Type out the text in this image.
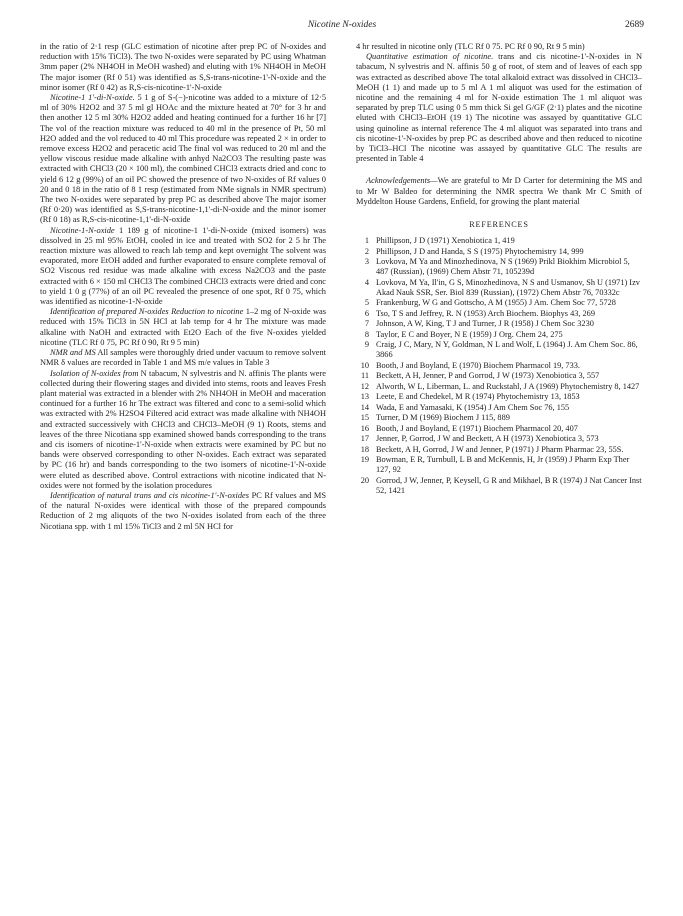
Nicotine N-oxides	2689

in the ratio of 2·1 resp (GLC estimation of nicotine after prep PC of N-oxides and reduction with 15% TiCl3). The two N-oxides were separated by PC using Whatman 3mm paper (2% NH4OH in MeOH washed) and eluting with 1% NH4OH in MeOH The major isomer (Rf 0 51) was identified as S,S-trans-nicotine-1'-N-oxide and the minor isomer (Rf 0 42) as R,S-cis-nicotine-1'-N-oxide

Nicotine-1 1'-di-N-oxide. 5 1 g of S-(−)-nicotine was added to a mixture of 12·5 ml of 30% H2O2 and 37 5 ml gl HOAc and the mixture heated at 70° for 3 hr and then another 12 5 ml 30% H2O2 added and heating continued for a further 16 hr [7] The vol of the reaction mixture was reduced to 40 ml in the presence of Pt, 50 ml H2O added and the vol reduced to 40 ml This procedure was repeated 2 × in order to remove excess H2O2 and peracetic acid The final vol was reduced to 20 ml and the yellow viscous residue made alkaline with anhyd Na2CO3 The resulting paste was extracted with CHCl3 (20 × 100 ml), the combined CHCl3 extracts dried and conc to yield 6 12 g (99%) of an oil PC showed the presence of two N-oxides of Rf values 0 20 and 0 18 in the ratio of 8 1 resp (estimated from NMe signals in NMR spectrum) The two N-oxides were separated by prep PC as described above The major isomer (Rf 0·20) was identified as S,S-trans-nicotine-1,1'-di-N-oxide and the minor isomer (Rf 0 18) as R,S-cis-nicotine-1,1'-di-N-oxide

Nicotine-1-N-oxide 1 189 g of nicotine-1 1'-di-N-oxide (mixed isomers) was dissolved in 25 ml 95% EtOH, cooled in ice and treated with SO2 for 2 5 hr The reaction mixture was allowed to reach lab temp and kept overnight The solvent was evaporated, more EtOH added and further evaporated to ensure complete removal of SO2 Viscous red residue was made alkaline with excess Na2CO3 and the paste extracted with 6 × 150 ml CHCl3 The combined CHCl3 extracts were dried and conc to yield 1 0 g (77%) of an oil PC revealed the presence of one spot, Rf 0 75, which was identified as nicotine-1-N-oxide

Identification of prepared N-oxides Reduction to nicotine 1–2 mg of N-oxide was reduced with 15% TiCl3 in 5N HCl at lab temp for 4 hr The mixture was made alkaline with NaOH and extracted with Et2O Each of the five N-oxides yielded nicotine (TLC Rf 0 75, PC Rf 0 90, Rt 9 5 min)

NMR and MS All samples were thoroughly dried under vacuum to remove solvent NMR δ values are recorded in Table 1 and MS m/e values in Table 3

Isolation of N-oxides from N tabacum, N sylvestris and N. affinis The plants were collected during their flowering stages and divided into stems, roots and leaves Fresh plant material was extracted in a blender with 2% NH4OH in MeOH and maceration continued for a further 16 hr The extract was filtered and conc to a semi-solid which was extracted with 2% H2SO4 Filtered acid extract was made alkaline with NH4OH and extracted successively with CHCl3 and CHCl3–MeOH (9 1) Roots, stems and leaves of the three Nicotiana spp examined showed bands corresponding to the trans and cis isomers of nicotine-1'-N-oxide when extracts were examined by PC but no bands were observed corresponding to other N-oxides. Each extract was separated by PC (16 hr) and bands corresponding to the two isomers of nicotine-1'-N-oxide were eluted as described above. Control extractions with nicotine indicated that N-oxides were not formed by the isolation procedures

Identification of natural trans and cis nicotine-1'-N-oxides PC Rf values and MS of the natural N-oxides were identical with those of the prepared compounds Reduction of 2 mg aliquots of the two N-oxides isolated from each of the three Nicotiana spp. with 1 ml 15% TiCl3 and 2 ml 5N HCl for

4 hr resulted in nicotine only (TLC Rf 0 75. PC Rf 0 90, Rt 9 5 min)

Quantitative estimation of nicotine. trans and cis nicotine-1'-N-oxides in N tabacum, N sylvestris and N. affinis 50 g of root, of stem and of leaves of each spp was extracted as described above The total alkaloid extract was dissolved in CHCl3–MeOH (1 1) and made up to 5 ml A 1 ml aliquot was used for the estimation of nicotine and the remaining 4 ml for N-oxide estimation The 1 ml aliquot was separated by prep TLC using 0 5 mm thick Si gel G/GF (2·1) plates and the nicotine eluted with CHCl3–EtOH (19 1) The nicotine was assayed by quantitative GLC using quinoline as internal reference The 4 ml aliquot was separated into trans and cis nicotine-1'-N-oxides by prep PC as described above and then reduced to nicotine by TiCl3–HCl The nicotine was assayed by quantitative GLC The results are presented in Table 4

Acknowledgements—We are grateful to Mr D Carter for determining the MS and to Mr W Baldeo for determining the NMR spectra We thank Mr C Smith of Myddelton House Gardens, Enfield, for growing the plant material

REFERENCES
1 Phillipson, J D (1971) Xenobiotica 1, 419
2 Phillipson, J D and Handa, S S (1975) Phytochemistry 14, 999
3 Lovkova, M Ya and Minozhedinova, N S (1969) Prikl Biokhim Microbiol 5, 487 (Russian), (1969) Chem Abstr 71, 105239d
4 Lovkova, M Ya, Il'in, G S, Minozhedinova, N S and Usmanov, Sh U (1971) Izv Akad Nauk SSR, Ser. Biol 839 (Russian), (1972) Chem Abstr 76, 70332c
5 Frankenburg, W G and Gottscho, A M (1955) J Am. Chem Soc 77, 5728
6 Tso, T S and Jeffrey, R. N (1953) Arch Biochem. Biophys 43, 269
7 Johnson, A W, King, T J and Turner, J R (1958) J Chem Soc 3230
8 Taylor, E C and Boyer, N E (1959) J Org. Chem 24, 275
9 Craig, J C, Mary, N Y, Goldman, N L and Wolf, L (1964) J. Am Chem Soc. 86, 3866
10 Booth, J and Boyland, E (1970) Biochem Pharmacol 19, 733.
11 Beckett, A H, Jenner, P and Gorrod, J W (1973) Xenobiotica 3, 557
12 Alworth, W L, Liberman, L. and Ruckstahl, J A (1969) Phytochemistry 8, 1427
13 Leete, E and Chedekel, M R (1974) Phytochemistry 13, 1853
14 Wada, E and Yamasaki, K (1954) J Am Chem Soc 76, 155
15 Turner, D M (1969) Biochem J 115, 889
16 Booth, J and Boyland, E (1971) Biochem Pharmacol 20, 407
17 Jenner, P, Gorrod, J W and Beckett, A H (1973) Xenobiotica 3, 573
18 Beckett, A H, Gorrod, J W and Jenner, P (1971) J Pharm Pharmac 23, 55S.
19 Bowman, E R, Turnbull, L B and McKennis, H, Jr (1959) J Pharm Exp Ther 127, 92
20 Gorrod, J W, Jenner, P, Keysell, G R and Mikhael, B R (1974) J Nat Cancer Inst 52, 1421
